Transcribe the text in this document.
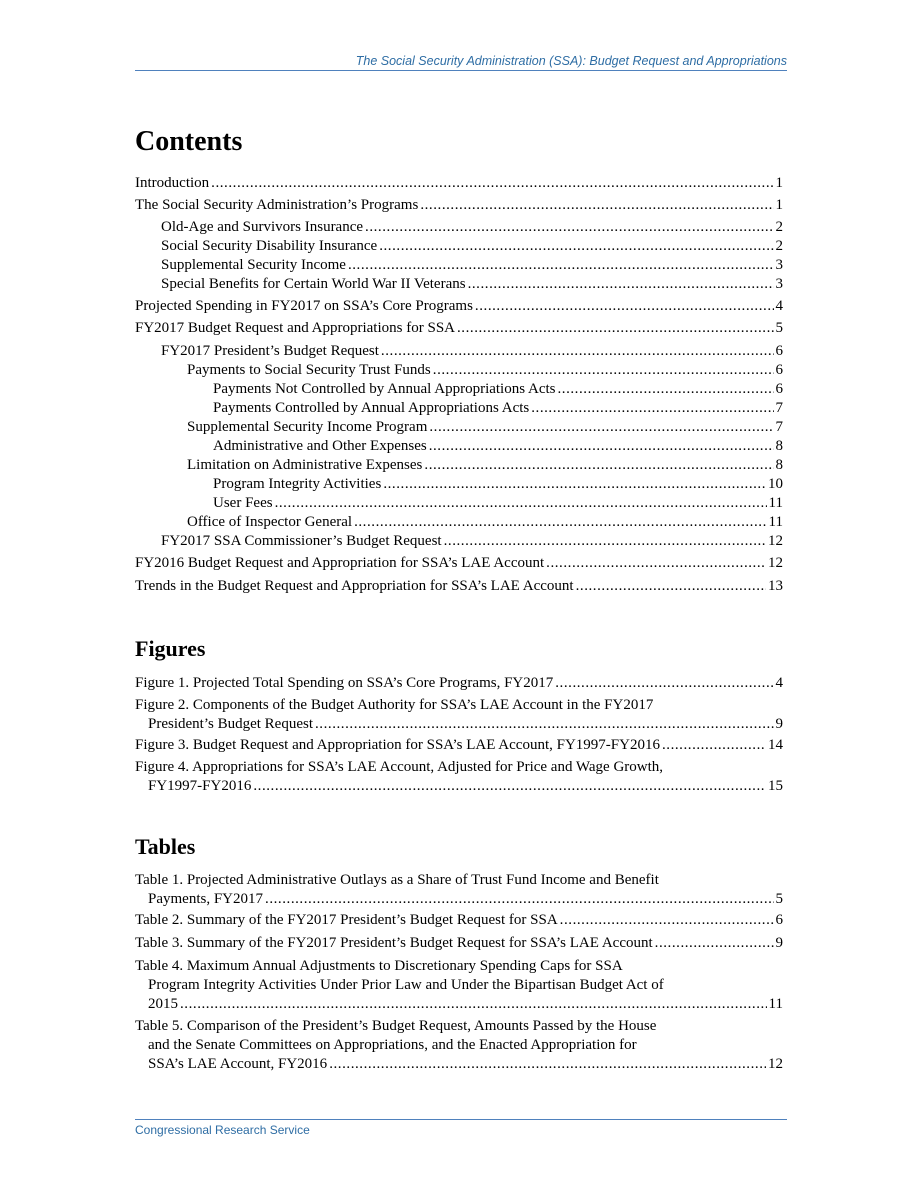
The Social Security Administration (SSA): Budget Request and Appropriations
Contents
Introduction . . .	1
The Social Security Administration’s Programs . . .	1
Old-Age and Survivors Insurance . . .	2
Social Security Disability Insurance . . .	2
Supplemental Security Income . . .	3
Special Benefits for Certain World War II Veterans . . .	3
Projected Spending in FY2017 on SSA’s Core Programs . . .	4
FY2017 Budget Request and Appropriations for SSA . . .	5
FY2017 President’s Budget Request . . .	6
Payments to Social Security Trust Funds . . .	6
Payments Not Controlled by Annual Appropriations Acts . . .	6
Payments Controlled by Annual Appropriations Acts . . .	7
Supplemental Security Income Program . . .	7
Administrative and Other Expenses . . .	8
Limitation on Administrative Expenses . . .	8
Program Integrity Activities . . .	10
User Fees . . .	11
Office of Inspector General . . .	11
FY2017 SSA Commissioner’s Budget Request . . .	12
FY2016 Budget Request and Appropriation for SSA’s LAE Account . . .	12
Trends in the Budget Request and Appropriation for SSA’s LAE Account . . .	13
Figures
Figure 1. Projected Total Spending on SSA’s Core Programs, FY2017 . . .	4
Figure 2. Components of the Budget Authority for SSA’s LAE Account in the FY2017
President’s Budget Request . . .	9
Figure 3. Budget Request and Appropriation for SSA’s LAE Account, FY1997-FY2016 . . .	14
Figure 4. Appropriations for SSA’s LAE Account, Adjusted for Price and Wage Growth,
FY1997-FY2016 . . .	15
Tables
Table 1. Projected Administrative Outlays as a Share of Trust Fund Income and Benefit
Payments, FY2017 . . .	5
Table 2. Summary of the FY2017 President’s Budget Request for SSA . . .	6
Table 3. Summary of the FY2017 President’s Budget Request for SSA’s LAE Account . . .	9
Table 4. Maximum Annual Adjustments to Discretionary Spending Caps for SSA
Program Integrity Activities Under Prior Law and Under the Bipartisan Budget Act of
2015 . . .	11
Table 5. Comparison of the President’s Budget Request, Amounts Passed by the House
and the Senate Committees on Appropriations, and the Enacted Appropriation for
SSA’s LAE Account, FY2016 . . .	12
Congressional Research Service
